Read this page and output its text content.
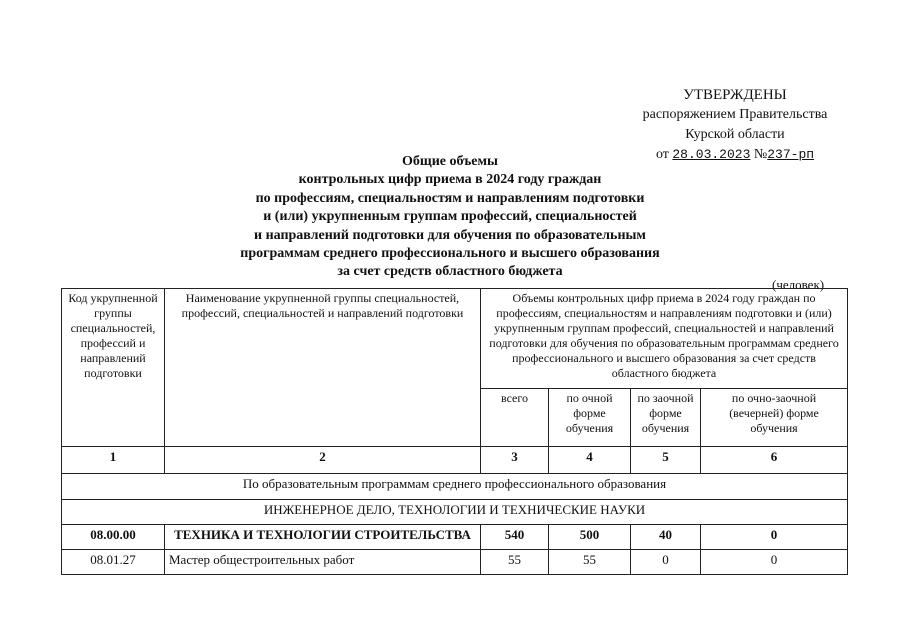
УТВЕРЖДЕНЫ
распоряжением Правительства
Курской области
от 28.03.2023 №237-рп
Общие объемы
контрольных цифр приема в 2024 году граждан
по профессиям, специальностям и направлениям подготовки
и (или) укрупненным группам профессий, специальностей
и направлений подготовки для обучения по образовательным
программам среднего профессионального и высшего образования
за счет средств областного бюджета
(человек)
Код укрупненной группы специальностей, профессий и направлений подготовки	Наименование укрупненной группы специальностей, профессий, специальностей и направлений подготовки	Объемы контрольных цифр приема в 2024 году граждан по профессиям, специальностям и направлениям подготовки и (или) укрупненным группам профессий, специальностей и направлений подготовки для обучения по образовательным программам среднего профессионального и высшего образования за счет средств областного бюджета			
		всего	по очной форме обучения	по заочной форме обучения	по очно-заочной (вечерней) форме обучения
1	2	3	4	5	6
По образовательным программам среднего профессионального образования					
ИНЖЕНЕРНОЕ ДЕЛО, ТЕХНОЛОГИИ И ТЕХНИЧЕСКИЕ НАУКИ					
08.00.00	ТЕХНИКА И ТЕХНОЛОГИИ СТРОИТЕЛЬСТВА	540	500	40	0
08.01.27	Мастер общестроительных работ	55	55	0	0
